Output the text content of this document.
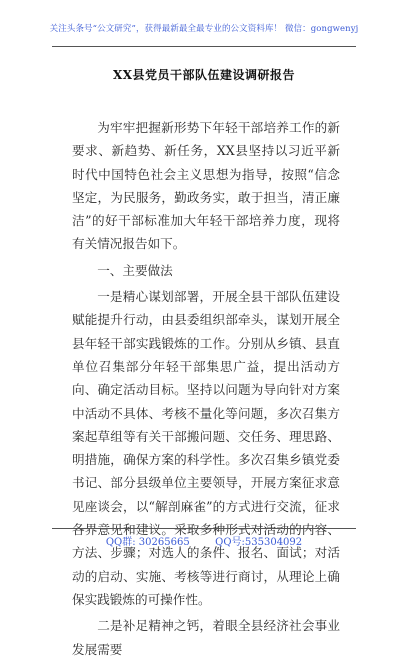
关注头条号“公文研究”，获得最新最全最专业的公文资料库！ 微信：gongwenyj
XX县党员干部队伍建设调研报告

为牢牢把握新形势下年轻干部培养工作的新要求、新趋势、新任务，XX县坚持以习近平新时代中国特色社会主义思想为指导，按照“信念坚定，为民服务，勤政务实，敢于担当，清正廉洁”的好干部标准加大年轻干部培养力度，现将有关情况报告如下。

一、主要做法

一是精心谋划部署，开展全县干部队伍建设赋能提升行动，由县委组织部牵头，谋划开展全县年轻干部实践锻炼的工作。分别从乡镇、县直单位召集部分年轻干部集思广益，提出活动方向、确定活动目标。坚持以问题为导向针对方案中活动不具体、考核不量化等问题，多次召集方案起草组等有关干部搬问题、交任务、理思路、明措施，确保方案的科学性。多次召集乡镇党委书记、部分县级单位主要领导，开展方案征求意见座谈会，以“解剖麻雀”的方式进行交流，征求各界意见和建议。采取多种形式对活动的内容、方法、步骤；对选人的条件、报名、面试；对活动的启动、实施、考核等进行商讨，从理论上确保实践锻炼的可操作性。

二是补足精神之钙，着眼全县经济社会事业发展需要

QQ群: 30265665        QQ号:535304092
